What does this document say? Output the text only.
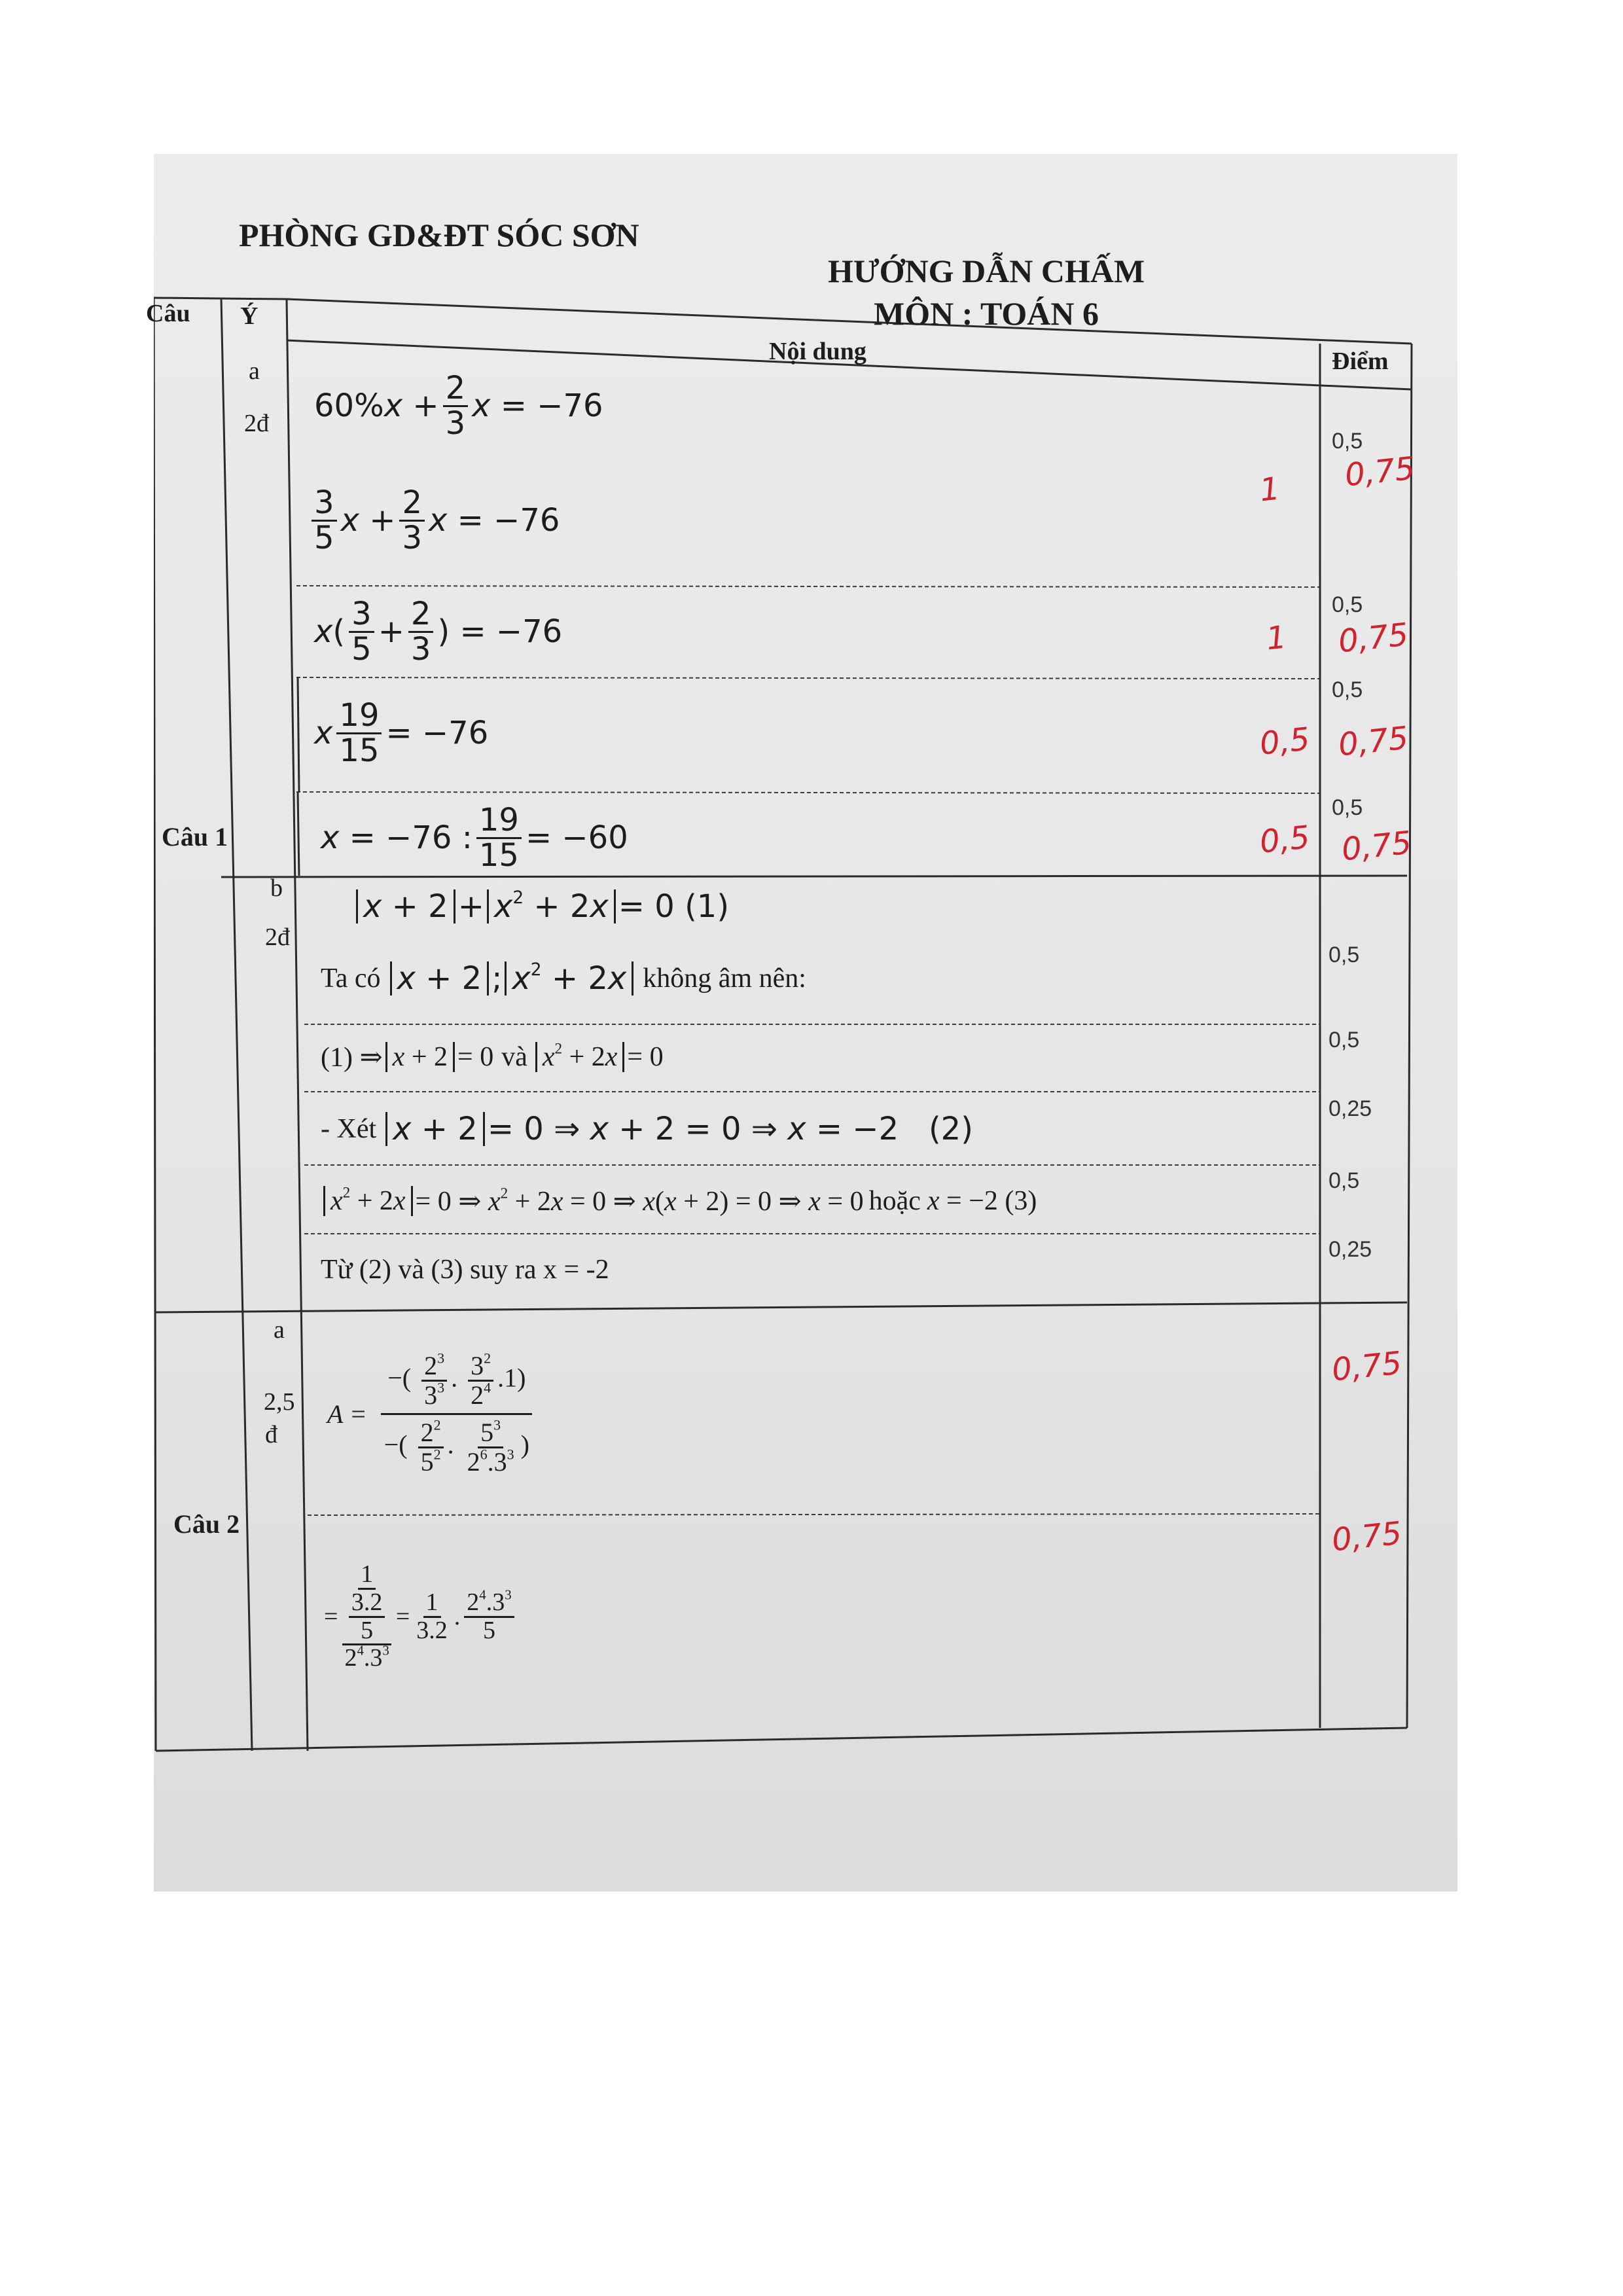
PHÒNG GD&ĐT SÓC SƠN
HƯỚNG DẪN CHẤM
MÔN : TOÁN 6
Câu Ý
Nội dung	Điểm
Câu 1
a
2đ
b
2đ
$60\%x + \frac{2}{3}$ x = −76
$\frac{3}{5}$ $x + \frac{2}{3}$ x = −76
$x( \frac{3}{5} + \frac{2}{3}$ ) = −76
x $\frac{19}{15} = -76$
x = −76 : $\frac{19}{15} = -60$
0,5
0,5
0,5
0,5
0,75
1
0,75
1
0,75
0,5
0,75
0,5
$x + 2 + x^2 + 2x = 0$ (1)
Ta có x + 2 ; $x^2 + 2x$ không âm nên:
(1) ⇒ x + 2 = 0 và $x^2 + 2x = 0$
- Xét x + 2 = 0 ⇒ x + 2 = 0 ⇒ x = −2   (2)
$x^2 + 2x = 0$ ⇒ $x^2 + 2x = 0$ ⇒ x(x + 2) = 0 ⇒ x = 0 hoặc x = −2 (3)
Từ (2) và (3) suy ra x = -2
0,5
0,5
0,25
0,5
0,25
Câu 2
a
2,5
đ
$A = \frac{-( \frac{2^3}{3^3} . \frac{3^2}{2^4} .1)}{-( \frac{2^2}{5^2} . \frac{5^3}{2^6.3^3} )}$
= 1
3.2
5
$2^4.3^3 = \frac{1}{3.2}$ . $\frac{2^4.3^3}{5}$
0,75
0,75
